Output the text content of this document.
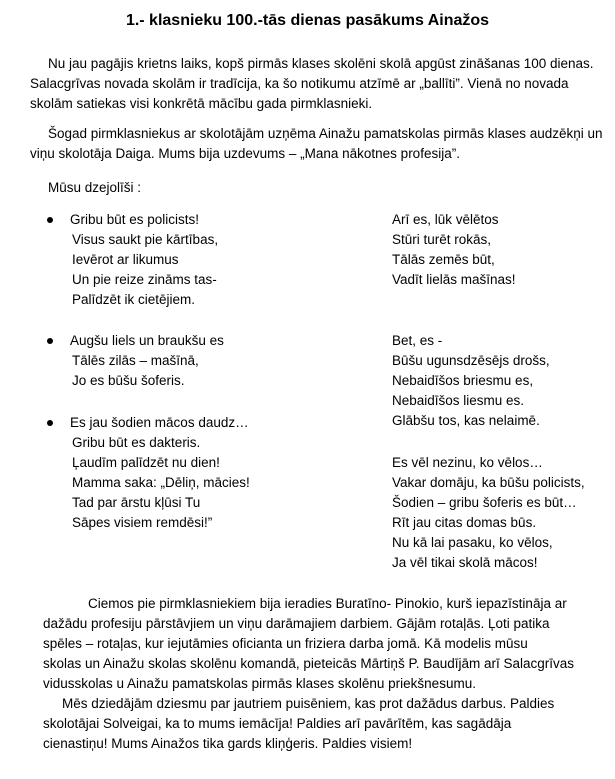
1.- klasnieku 100.-tās dienas pasākums Ainažos
Nu jau pagājis krietns laiks, kopš pirmās klases skolēni skolā apgūst zināšanas 100 dienas.
Salacgrīvas novada skolām ir tradīcija, ka šo notikumu atzīmē ar „ballīti”. Vienā no novada
skolām satiekas visi konkrētā mācību gada pirmklasnieki.
Šogad pirmklasniekus ar skolotājām uzņēma Ainažu pamatskolas pirmās klases audzēkņi un
viņu skolotāja Daiga. Mums bija uzdevums – „Mana nākotnes profesija”.

Mūsu dzejolīši :

Gribu būt es policists!
Visus saukt pie kārtības,
Ievērot ar likumus
Un pie reize zināms tas-
Palīdzēt ik cietējiem.
Augšu liels un braukšu es
Tālēs zilās – mašīnā,
Jo es būšu šoferis.
Es jau šodien mācos daudz…
Gribu būt es dakteris.
Ļaudīm palīdzēt nu dien!
Mamma saka: „Dēliņ, mācies!
Tad par ārstu kļūsi Tu
Sāpes visiem remdēsi!”
Arī es, lūk vēlētos
Stūri turēt rokās,
Tālās zemēs būt,
Vadīt lielās mašīnas!
Bet, es -
Būšu ugunsdzēsējs drošs,
Nebaidīšos briesmu es,
Nebaidīšos liesmu es.
Glābšu tos, kas nelaimē.
Es vēl nezinu, ko vēlos…
Vakar domāju, ka būšu policists,
Šodien – gribu šoferis es būt…
Rīt jau citas domas būs.
Nu kā lai pasaku, ko vēlos,
Ja vēl tikai skolā mācos!
Ciemos pie pirmklasniekiem bija ieradies Buratīno- Pinokio, kurš iepazīstināja ar
dažādu profesiju pārstāvjiem un viņu darāmajiem darbiem. Gājām rotaļās. Ļoti patika
spēles – rotaļas, kur iejutāmies oficianta un friziera darba jomā. Kā modelis mūsu
skolas un Ainažu skolas skolēnu komandā, pieteicās Mārtiņš P. Baudījām arī Salacgrīvas
vidusskolas u Ainažu pamatskolas pirmās klases skolēnu priekšnesumu.
Mēs dziedājām dziesmu par jautriem puisēniem, kas prot dažādus darbus. Paldies
skolotājai Solveigai, ka to mums iemācīja! Paldies arī pavārītēm, kas sagādāja
cienastiņu! Mums Ainažos tika gards kliņģeris. Paldies visiem!
